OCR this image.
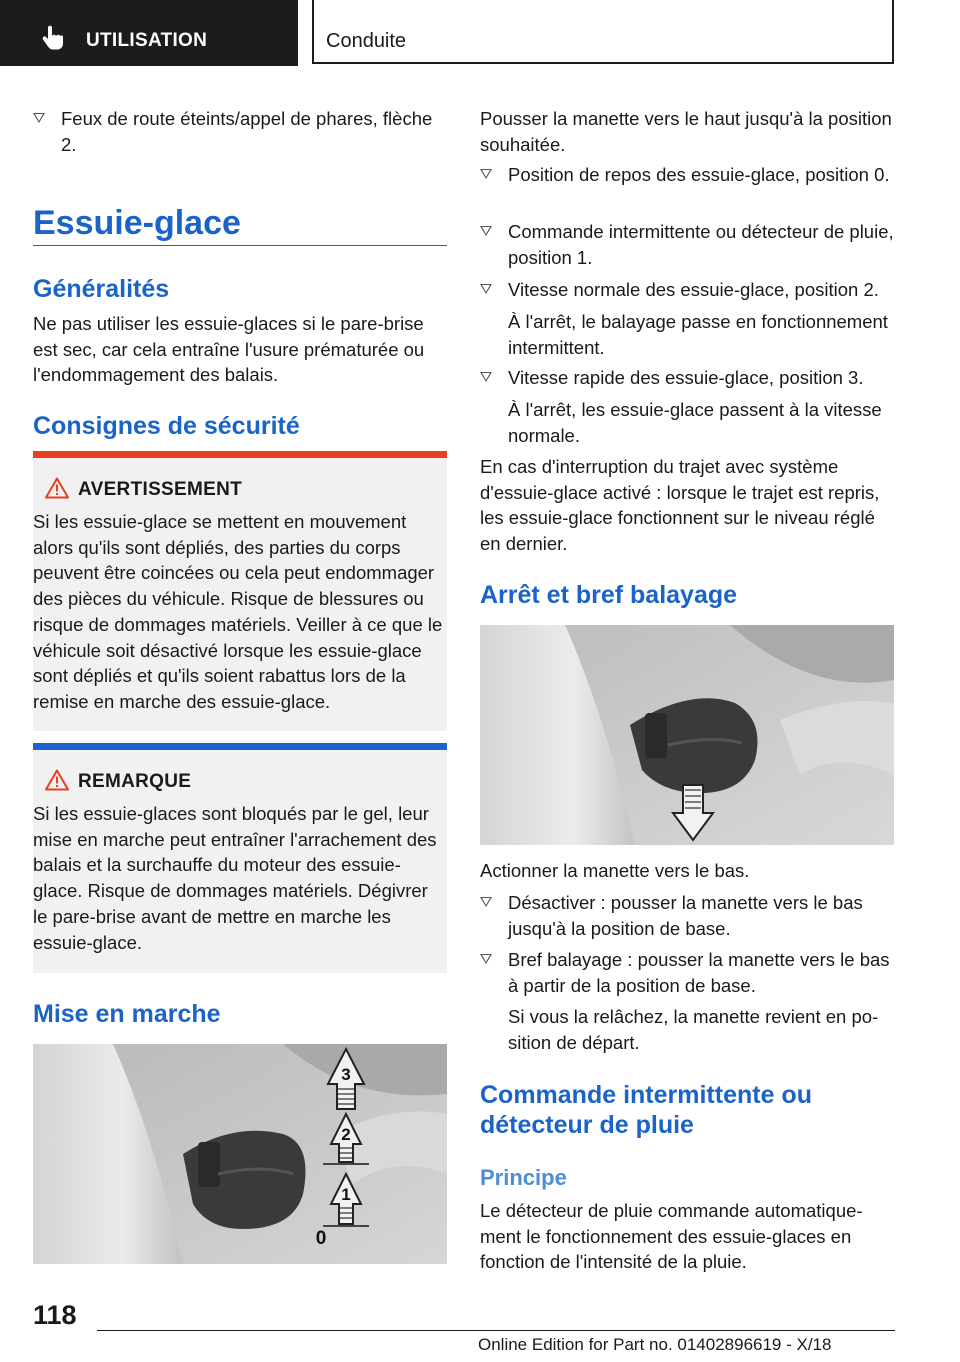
UTILISATION	Conduite
Feux de route éteints/appel de phares, flèche 2.
Essuie-glace
Généralités

Ne pas utiliser les essuie-glaces si le pare-brise est sec, car cela entraîne l'usure prématurée ou l'endommagement des balais.

Consignes de sécurité
AVERTISSEMENT
Si les essuie-glace se mettent en mouvement alors qu'ils sont dépliés, des parties du corps peuvent être coincées ou cela peut endommager des pièces du véhicule. Risque de blessures ou risque de dommages matériels. Veiller à ce que le véhicule soit désactivé lorsque les essuie-glace sont dépliés et qu'ils soient rabattus lors de la remise en marche des essuie-glace.
REMARQUE
Si les essuie-glaces sont bloqués par le gel, leur mise en marche peut entraîner l'arrachement des balais et la surchauffe du moteur des essuie-glace. Risque de dommages matériels. Dégivrer le pare-brise avant de mettre en marche les essuie-glace.
Mise en marche
3
2
1
0

Pousser la manette vers le haut jusqu'à la position souhaitée.

Position de repos des essuie-glace, position 0.
Commande intermittente ou détecteur de pluie, position 1.
Vitesse normale des essuie-glace, position 2.

À l'arrêt, le balayage passe en fonctionnement intermittent.

Vitesse rapide des essuie-glace, position 3.

À l'arrêt, les essuie-glace passent à la vitesse normale.

En cas d'interruption du trajet avec système d'essuie-glace activé : lorsque le trajet est repris, les essuie-glace fonctionnent sur le niveau réglé en dernier.

Arrêt et bref balayage

Actionner la manette vers le bas.

Désactiver : pousser la manette vers le bas jusqu'à la position de base.
Bref balayage : pousser la manette vers le bas à partir de la position de base.

Si vous la relâchez, la manette revient en position de départ.

Commande intermittente ou détecteur de pluie
Principe

Le détecteur de pluie commande automatiquement le fonctionnement des essuie-glaces en fonction de l'intensité de la pluie.

118
Online Edition for Part no. 01402896619 - X/18
